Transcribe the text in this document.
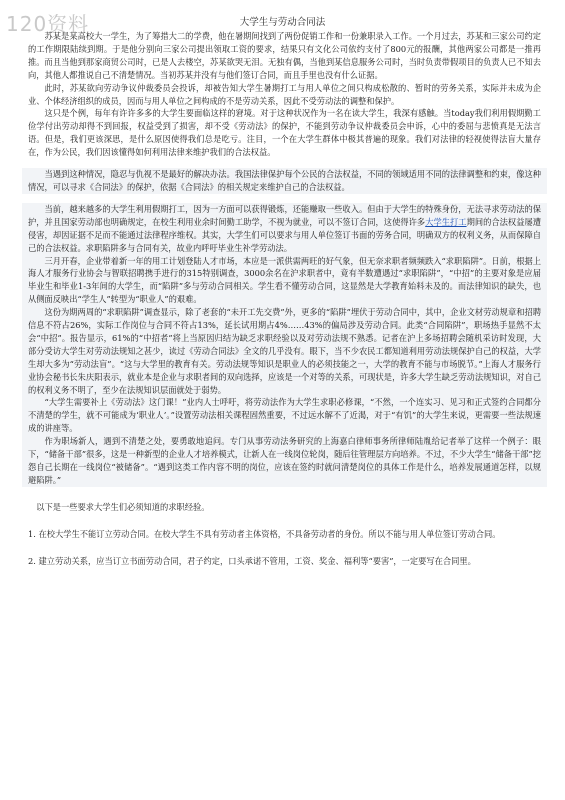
120资料	大学生与劳动合同法

苏某是某高校大一学生，为了筹措大二的学费，他在暑期间找到了两份促销工作和一份兼职录入工作。一个月过去，苏某和三家公司约定的工作期限陆续到期。于是他分别向三家公司提出领取工资的要求，结果只有文化公司依约支付了800元的报酬，其他两家公司都是一推再推。而且当他到那家商贸公司时，已是人去楼空，苏某欲哭无泪。无独有偶，当他到某信息服务公司时，当时负责带假项目的负责人已不知去向，其他人都推说自己不清楚情况。当初苏某并没有与他们签订合同，而且手里也没有什么证据。

此时，苏某欲向劳动争议仲裁委员会投诉，却被告知大学生暑期打工与用人单位之间只构成松散的、暂时的劳务关系，实际并未成为企业、个体经济组织的成员，因而与用人单位之间构成的不是劳动关系，因此不受劳动法的调整和保护。

这只是个例，每年有许许多多的大学生要面临这样的窘境。对于这种状况作为一名在读大学生，我深有感触。当today我们利用假期勤工俭学付出劳动却得不到回报，权益受到了损害，却不受《劳动法》的保护，不能到劳动争议仲裁委员会申诉，心中的委屈与悲愤真是无法言语。但是，我们更该深思，是什么原因使得我们总是吃亏。注目，一个在大学生群体中极其普遍的现象。我们对法律的轻视使得法盲大量存在，作为公民，我们因该懂得如何利用法律来维护我们的合法权益。

当遇到这种情况，隐忍与仇视不是最好的解决办法。我国法律保护每个公民的合法权益，不同的领域适用不同的法律调整和约束，像这种情况，可以寻求《合同法》的保护，依据《合同法》的相关规定来维护自己的合法权益。

当前，越来越多的大学生利用假期打工，因为一方面可以获得锻炼，还能赚取一些收入。但由于大学生的特殊身份，无法寻求劳动法的保护，并且国家劳动部也明确规定，在校生利用业余时间勤工助学，不视为就业，可以不签订合同，这使得许多大学生打工期间的合法权益屡遭侵害，却因证据不足而不能通过法律程序维权。其实，大学生们可以要求与用人单位签订书面的劳务合同，明确双方的权利义务，从而保障自己的合法权益。求职陷阱多与合同有关，故业内呼吁毕业生补学劳动法。

三月开春，企业带着新一年的用工计划登陆人才市场，本应是一派供需两旺的好气象，但无奈求职者频频跌入“求职陷阱”。日前，根据上海人才服务行业协会与智联招聘携手进行的315特别调查，3000余名在沪求职者中，竟有半数遭遇过“求职陷阱”，“中招”的主要对象是应届毕业生和毕业1-3年间的大学生，而“陷阱”多与劳动合同相关。学生看不懂劳动合同，这显然是大学教育始料未及的。而法律知识的缺失，也从侧面反映出“学生人”转型为“职业人”的艰难。

这份为期两周的“求职陷阱”调查显示，除了老套的“未开工先交费”外，更多的“陷阱”埋伏于劳动合同中，其中，企业文材劳动规章和招聘信息不符占26%，实际工作岗位与合同不符占13%，延长试用期占4%……43%的偏局涉及劳动合同。此类“合同陷阱”，职场热手显然不太会“中招”。报告显示，61%的“中招者”将上当原因归结为缺乏求职经验以及对劳动法规不熟悉。记者在沪上多场招聘会随机采访时发现，大部分受访大学生对劳动法规知之甚少，读过《劳动合同法》全文的几乎没有。眼下，当不少农民工都知道利用劳动法规保护自己的权益，大学生却大多为“劳动法盲”。“这与大学里的教育有关。劳动法规等知识是职业人的必须技能之一，大学的教育不能与市场脱节。”上海人才服务行业协会秘书长朱庆阳表示，就业本是企业与求职者间的双向选择，应该是一个对等的关系，可现状是，许多大学生缺乏劳动法规知识，对自己的权利义务不明了，至少在法规知识层面就处于弱势。

“大学生需要补上《劳动法》这门课！”业内人士呼吁，将劳动法作为大学生求职必修课，“不然，一个连实习、见习和正式签约合同都分不清楚的学生，就不可能成为‘职业人’。”设置劳动法相关课程固然重要，不过远水解不了近渴，对于“有饥”的大学生来说，更需要一些法规速成的讲座等。

作为职场新人，遇到不清楚之处，要勇敢地追问。专门从事劳动法务研究的上海嘉白律师事务所律师陆胤给记者举了这样一个例子：眼下，“储备干部”很多，这是一种新型的企业人才培养模式，让新人在一线岗位轮岗，随后往管理层方向培养。不过，不少大学生“储备干部”挖怨自己长期在一线岗位“被储备”。“遇到这类工作内容不明的岗位，应该在签约时就问清楚岗位的具体工作是什么，培养发展通道怎样，以规避陷阱。”

以下是一些要求大学生们必须知道的求职经验。

1. 在校大学生不能订立劳动合同。在校大学生不具有劳动者主体资格，不具备劳动者的身份。所以不能与用人单位签订劳动合同。

2. 建立劳动关系，应当订立书面劳动合同，君子约定，口头承诺不管用，工资、奖金、福利等“要害”，一定要写在合同里。
